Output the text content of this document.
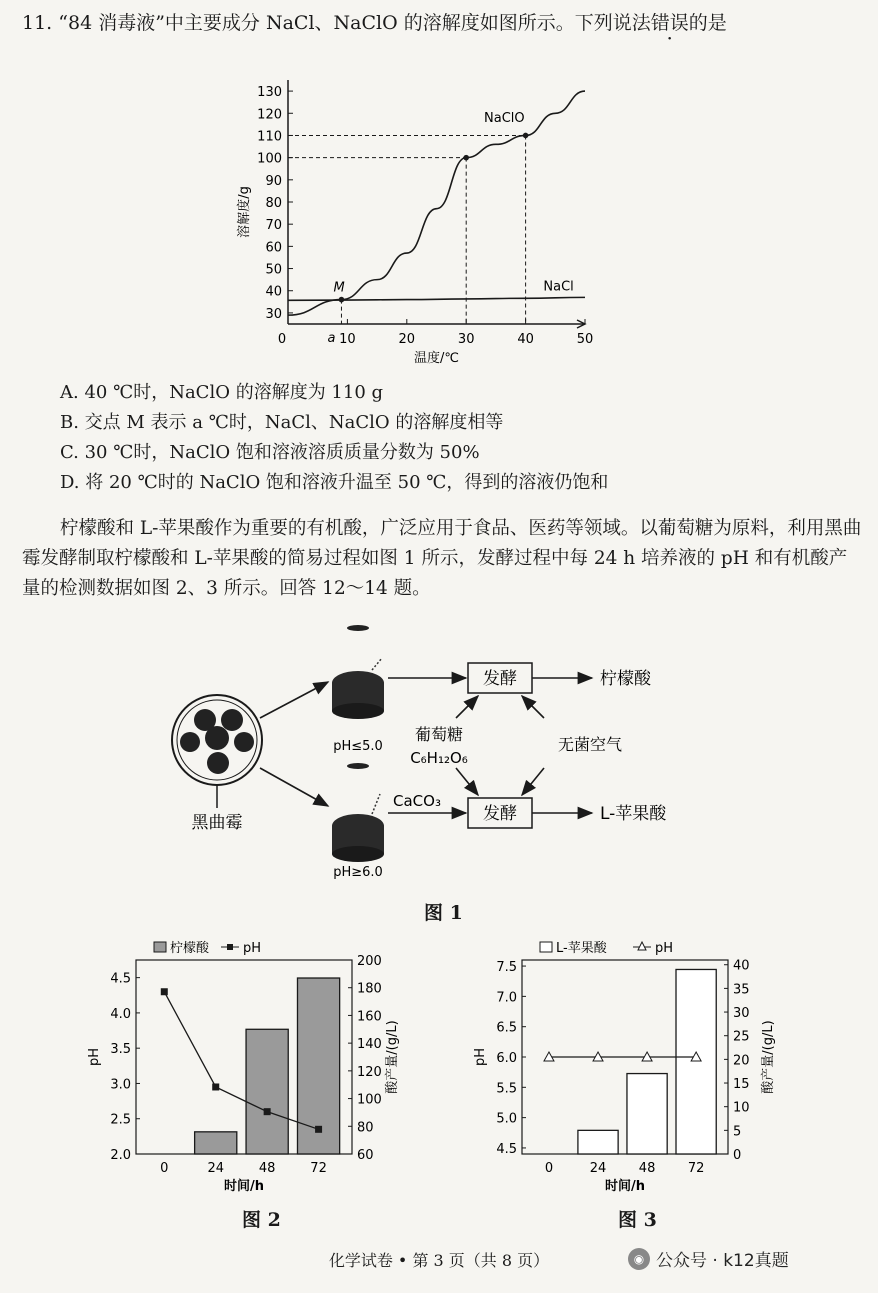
11. “84 消毒液”中主要成分 NaCl、NaClO 的溶解度如图所示。下列说法错误的是
30
40
50
60
70
80
90
100
110
120
130
10	20	30	40	50
0	a
温度/℃
溶解度/g
NaCl
NaClO
M
A. 40 ℃时，NaClO 的溶解度为 110 g
B. 交点 M 表示 a ℃时，NaCl、NaClO 的溶解度相等
C. 30 ℃时，NaClO 饱和溶液溶质质量分数为 50%
D. 将 20 ℃时的 NaClO 饱和溶液升温至 50 ℃，得到的溶液仍饱和
柠檬酸和 L-苹果酸作为重要的有机酸，广泛应用于食品、医药等领域。以葡萄糖为原料，利用黑曲霉发酵制取柠檬酸和 L-苹果酸的简易过程如图 1 所示，发酵过程中每 24 h 培养液的 pH 和有机酸产量的检测数据如图 2、3 所示。回答 12～14 题。
发酵
发酵
柠檬酸
L-苹果酸
葡萄糖
C₆H₁₂O₆
无菌空气
CaCO₃
pH≤5.0
pH≥6.0
黑曲霉
图 1
2.0
2.5
3.0
3.5
4.0
4.5
60
80
100
120
140
160
180
200
0	24	48	72
时间/h
pH	酸产量/(g/L)
柠檬酸	pH
图 2
4.5
5.0
5.5
6.0
6.5
7.0
7.5
0
5
10
15
20
25
30
35
40
0	24	48	72
时间/h
pH	酸产量/(g/L)
L-苹果酸	pH
图 3
化学试卷 • 第 3 页（共 8 页）	◉ 公众号 · k12真题
